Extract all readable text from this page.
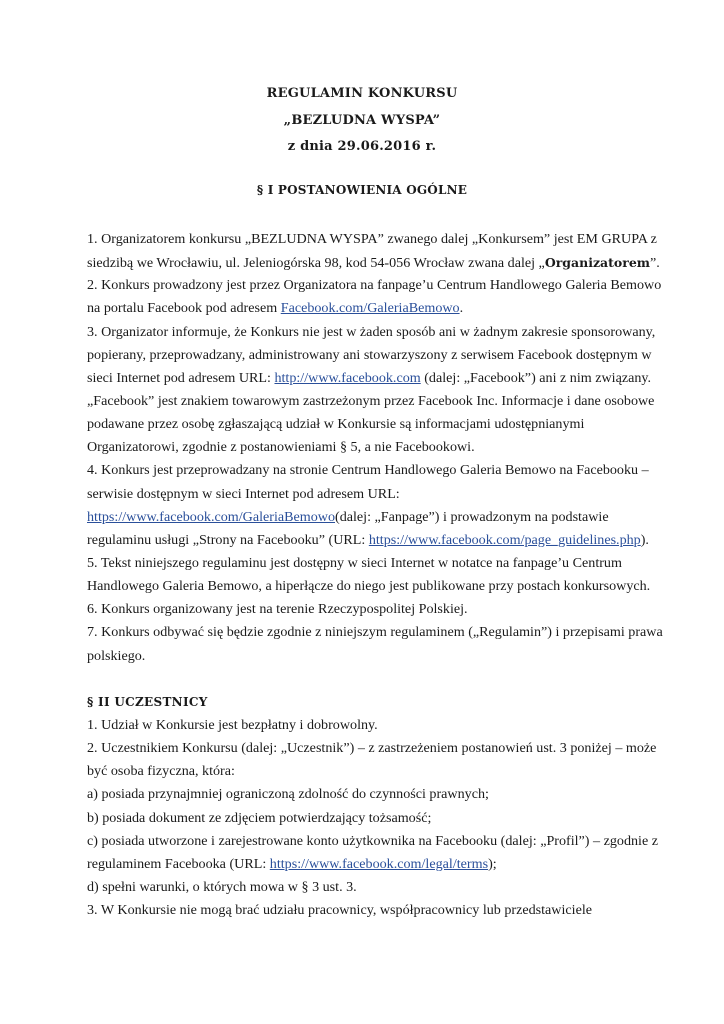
REGULAMIN KONKURSU
„BEZLUDNA WYSPA”
z dnia 29.06.2016 r.
§ I POSTANOWIENIA OGÓLNE
1. Organizatorem konkursu „BEZLUDNA WYSPA” zwanego dalej „Konkursem” jest EM GRUPA z
siedzibą we Wrocławiu, ul. Jeleniogórska 98, kod 54-056 Wrocław zwana dalej „Organizatorem”.
2. Konkurs prowadzony jest przez Organizatora na fanpage’u Centrum Handlowego Galeria Bemowo
na portalu Facebook pod adresem Facebook.com/GaleriaBemowo.
3. Organizator informuje, że Konkurs nie jest w żaden sposób ani w żadnym zakresie sponsorowany,
popierany, przeprowadzany, administrowany ani stowarzyszony z serwisem Facebook dostępnym w
sieci Internet pod adresem URL: http://www.facebook.com (dalej: „Facebook”) ani z nim związany.
„Facebook” jest znakiem towarowym zastrzeżonym przez Facebook Inc. Informacje i dane osobowe
podawane przez osobę zgłaszającą udział w Konkursie są informacjami udostępnianymi
Organizatorowi, zgodnie z postanowieniami § 5, a nie Facebookowi.
4. Konkurs jest przeprowadzany na stronie Centrum Handlowego Galeria Bemowo na Facebooku –
serwisie dostępnym w sieci Internet pod adresem URL:
https://www.facebook.com/GaleriaBemowo(dalej: „Fanpage”) i prowadzonym na podstawie
regulaminu usługi „Strony na Facebooku” (URL: https://www.facebook.com/page_guidelines.php).
5. Tekst niniejszego regulaminu jest dostępny w sieci Internet w notatce na fanpage’u Centrum
Handlowego Galeria Bemowo, a hiperłącze do niego jest publikowane przy postach konkursowych.
6. Konkurs organizowany jest na terenie Rzeczypospolitej Polskiej.
7. Konkurs odbywać się będzie zgodnie z niniejszym regulaminem („Regulamin”) i przepisami prawa
polskiego.
§ II UCZESTNICY
1. Udział w Konkursie jest bezpłatny i dobrowolny.
2. Uczestnikiem Konkursu (dalej: „Uczestnik”) – z zastrzeżeniem postanowień ust. 3 poniżej – może
być osoba fizyczna, która:
a) posiada przynajmniej ograniczoną zdolność do czynności prawnych;
b) posiada dokument ze zdjęciem potwierdzający tożsamość;
c) posiada utworzone i zarejestrowane konto użytkownika na Facebooku (dalej: „Profil”) – zgodnie z
regulaminem Facebooka (URL: https://www.facebook.com/legal/terms);
d) spełni warunki, o których mowa w § 3 ust. 3.
3. W Konkursie nie mogą brać udziału pracownicy, współpracownicy lub przedstawiciele
